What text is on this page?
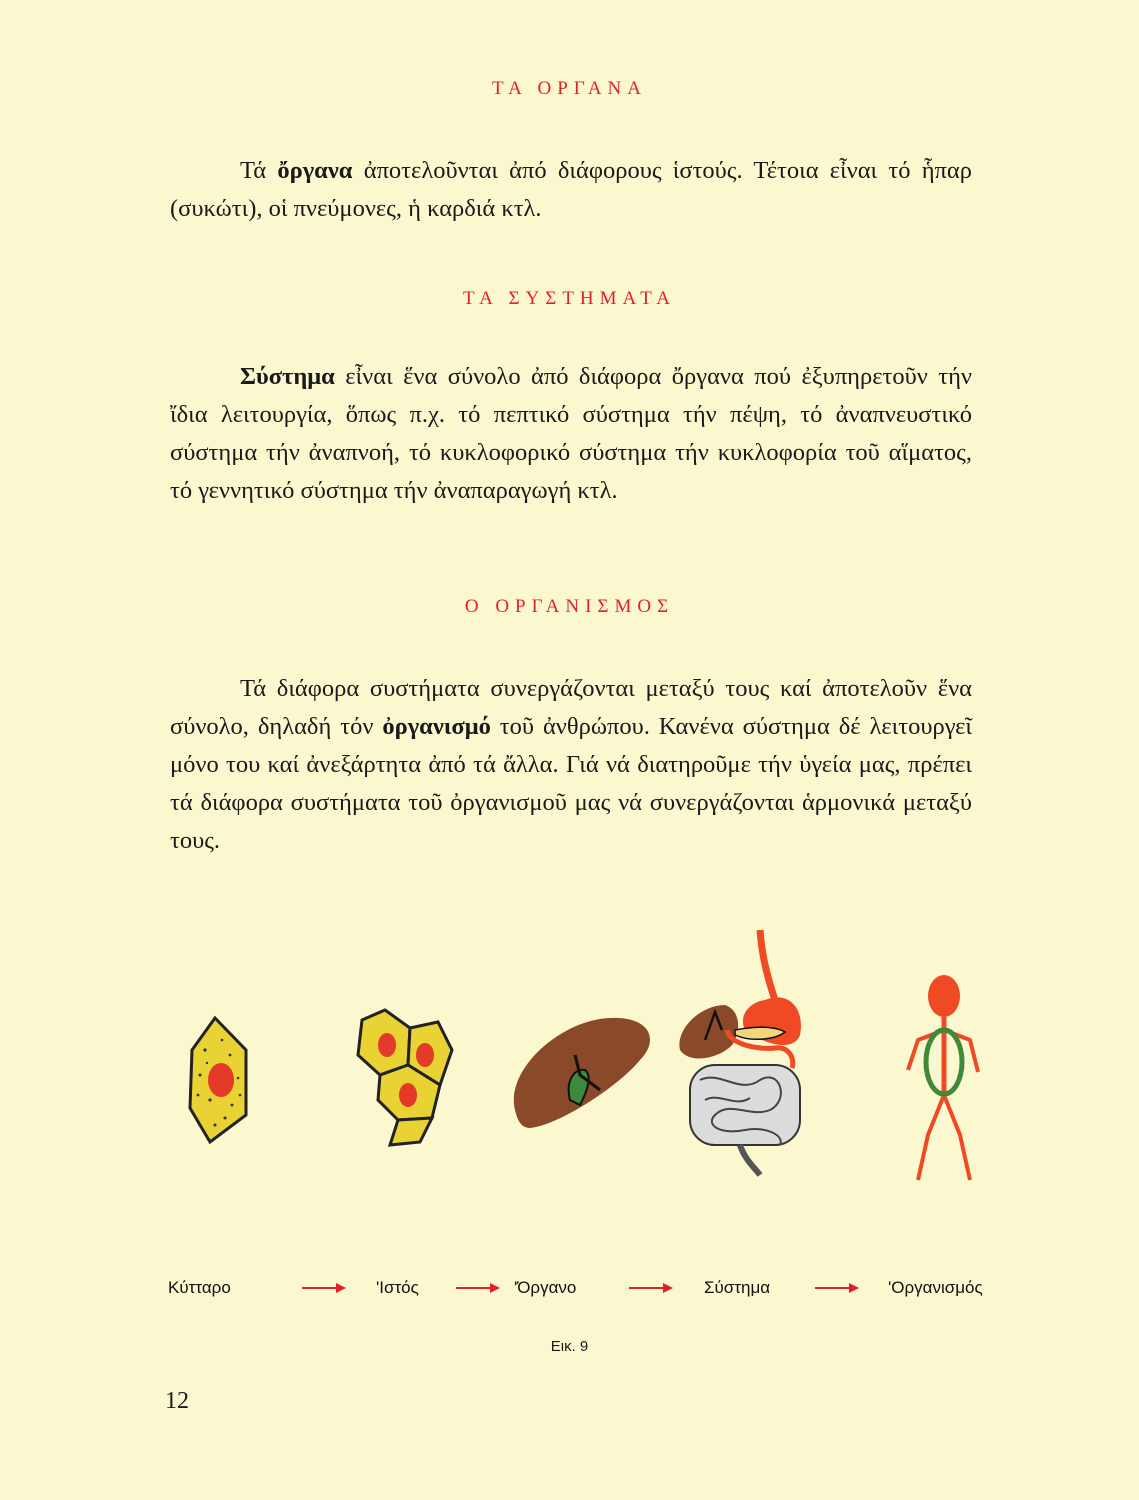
ΤΑ ΟΡΓΑΝΑ

Τά ὄργανα ἀποτελοῦνται ἀπό διάφορους ἱστούς. Τέτοια εἶναι τό ἧπαρ (συκώτι), οἱ πνεύμονες, ἡ καρδιά κτλ.

ΤΑ ΣΥΣΤΗΜΑΤΑ

Σύστημα εἶναι ἕνα σύνολο ἀπό διάφορα ὄργανα πού ἐξυπηρετοῦν τήν ἴδια λειτουργία, ὅπως π.χ. τό πεπτικό σύστημα τήν πέψη, τό ἀναπνευστικό σύστημα τήν ἀναπνοή, τό κυκλοφορικό σύστημα τήν κυκλοφορία τοῦ αἵματος, τό γεννητικό σύστημα τήν ἀναπαραγωγή κτλ.

Ο ΟΡΓΑΝΙΣΜΟΣ

Τά διάφορα συστήματα συνεργάζονται μεταξύ τους καί ἀποτελοῦν ἕνα σύνολο, δηλαδή τόν ὀργανισμό τοῦ ἀνθρώπου. Κανένα σύστημα δέ λειτουργεῖ μόνο του καί ἀνεξάρτητα ἀπό τά ἄλλα. Γιά νά διατηροῦμε τήν ὑγεία μας, πρέπει τά διάφορα συστήματα τοῦ ὀργανισμοῦ μας νά συνεργάζονται ἁρμονικά μεταξύ τους.

Κύτταρο	'Ιστός	'Όργανο	Σύστημα	'Οργανισμός
Εικ. 9
12
